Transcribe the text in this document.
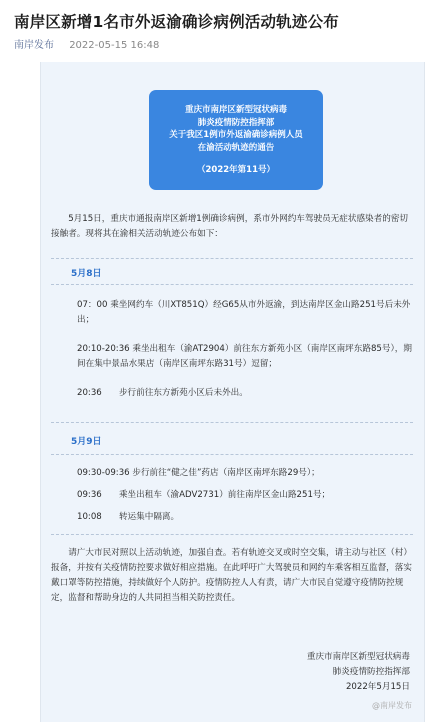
南岸区新增1名市外返渝确诊病例活动轨迹公布
南岸发布 2022-05-15 16:48
重庆市南岸区新型冠状病毒
肺炎疫情防控指挥部
关于我区1例市外返渝确诊病例人员
在渝活动轨迹的通告
（2022年第11号）
5月15日，重庆市通报南岸区新增1例确诊病例，系市外网约车驾驶员无症状感染者的密切接触者。现将其在渝相关活动轨迹公布如下：
5月8日
07：00 乘坐网约车（川XT851Q）经G65从市外返渝，到达南岸区金山路251号后未外出；
20:10-20:36 乘坐出租车（渝AT2904）前往东方新苑小区（南岸区南坪东路85号），期间在集中景品水果店（南岸区南坪东路31号）逗留；
20:36　　步行前往东方新苑小区后未外出。
5月9日
09:30-09:36 步行前往“健之佳”药店（南岸区南坪东路29号）；
09:36　　乘坐出租车（渝ADV2731）前往南岸区金山路251号；
10:08　　转运集中隔离。
请广大市民对照以上活动轨迹，加强自查。若有轨迹交叉或时空交集，请主动与社区（村）报备，并按有关疫情防控要求做好相应措施。在此呼吁广大驾驶员和网约车乘客相互监督，落实戴口罩等防控措施，持续做好个人防护。疫情防控人人有责，请广大市民自觉遵守疫情防控规定，监督和帮助身边的人共同担当相关防控责任。
重庆市南岸区新型冠状病毒
肺炎疫情防控指挥部
2022年5月15日
@南岸发布
